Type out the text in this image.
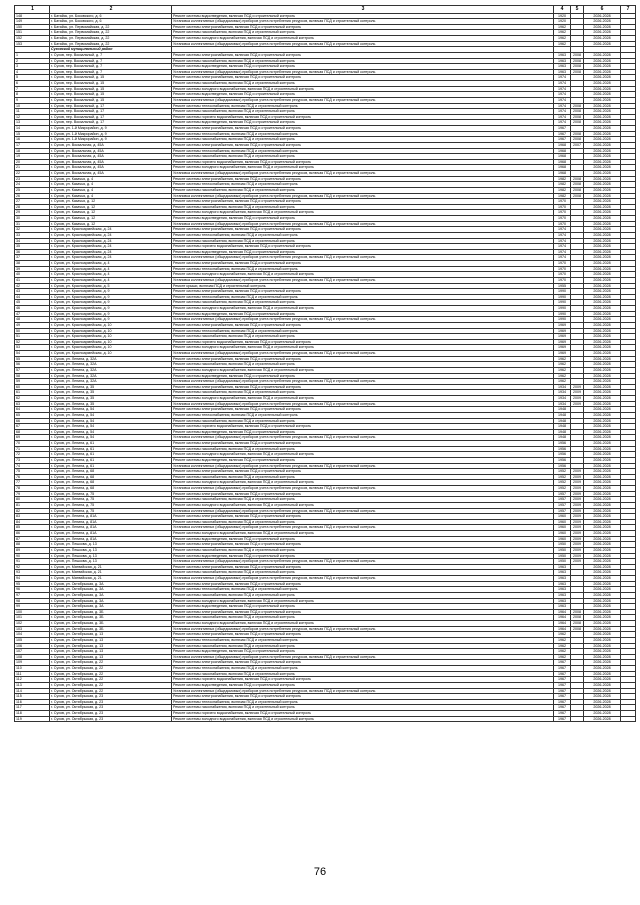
1	2	3	4	5	6	7
148	г. Батайск, ул. Боковского, д. 6	Ремонт системы водоотведения, включая ПСД и строительный контроль	1920		2026-2028	
149	г. Батайск, ул. Боковского, д. 6	Установка коллективных (общедомовых) приборов учета потребления ресурсов, включая ПСД и строительный контроль	1920		2026-2028	
150	г. Батайск, ул. Первомайская, д. 22	Ремонт системы электроснабжения, включая ПСД и строительный контроль	1962		2026-2028	
151	г. Батайск, ул. Первомайская, д. 22	Ремонт системы газоснабжения, включая ПСД и строительный контроль	1962		2026-2028	
152	г. Батайск, ул. Первомайская, д. 22	Ремонт системы холодного водоснабжения, включая ПСД и строительный контроль	1962		2026-2028	
153	г. Батайск, ул. Первомайская, д. 22	Установка коллективных (общедомовых) приборов учета потребления ресурсов, включая ПСД и строительный контроль	1962		2026-2028	
	Суховский муниципальный район					
1	г. Сухов, пер. Вокзальный, д. 7	Ремонт системы электроснабжения, включая ПСД и строительный контроль	1963	2008	2026-2028	
2	г. Сухов, пер. Вокзальный, д. 7	Ремонт системы газоснабжения, включая ПСД и строительный контроль	1963	2008	2026-2028	
3	г. Сухов, пер. Вокзальный, д. 7	Ремонт системы водоотведения, включая ПСД и строительный контроль	1963	2008	2026-2028	
4	г. Сухов, пер. Вокзальный, д. 7	Установка коллективных (общедомовых) приборов учета потребления ресурсов, включая ПСД и строительный контроль	1963	2008	2026-2028	
5	г. Сухов, пер. Вокзальный, д. 15	Ремонт системы электроснабжения, включая ПСД и строительный контроль	1974		2026-2028	
6	г. Сухов, пер. Вокзальный, д. 15	Ремонт системы газоснабжения, включая ПСД и строительный контроль	1974		2026-2028	
7	г. Сухов, пер. Вокзальный, д. 15	Ремонт системы холодного водоснабжения, включая ПСД и строительный контроль	1974		2026-2028	
8	г. Сухов, пер. Вокзальный, д. 15	Ремонт системы водоотведения, включая ПСД и строительный контроль	1974		2026-2028	
9	г. Сухов, пер. Вокзальный, д. 15	Установка коллективных (общедомовых) приборов учета потребления ресурсов, включая ПСД и строительный контроль	1974		2026-2028	
10	г. Сухов, пер. Вокзальный, д. 17	Ремонт системы теплоснабжения, включая ПСД и строительный контроль	1974	2008	2026-2028	
11	г. Сухов, пер. Вокзальный, д. 17	Ремонт системы газоснабжения, включая ПСД и строительный контроль	1974	2008	2026-2028	
12	г. Сухов, пер. Вокзальный, д. 17	Ремонт системы горячего водоснабжения, включая ПСД и строительный контроль	1974	2008	2026-2028	
13	г. Сухов, пер. Вокзальный, д. 17	Ремонт системы водоотведения, включая ПСД и строительный контроль	1974	2008	2026-2028	
14	г. Сухов, ул. 1-й Микрорайон, д. 9	Ремонт системы электроснабжения, включая ПСД и строительный контроль	1967		2026-2028	
15	г. Сухов, ул. 1-й Микрорайон, д. 9	Ремонт системы теплоснабжения, включая ПСД и строительный контроль	1967	2008	2026-2028	
16	г. Сухов, ул. 1-й Микрорайон, д. 9	Ремонт системы газоснабжения, включая ПСД и строительный контроль	1967	2008	2026-2028	
17	г. Сухов, ул. Вокзальная, д. 45А	Ремонт системы электроснабжения, включая ПСД и строительный контроль	1968	2007	2026-2028	
18	г. Сухов, ул. Вокзальная, д. 45А	Ремонт системы теплоснабжения, включая ПСД и строительный контроль	1968		2026-2028	
19	г. Сухов, ул. Вокзальная, д. 45А	Ремонт системы газоснабжения, включая ПСД и строительный контроль	1968		2026-2028	
20	г. Сухов, ул. Вокзальная, д. 45А	Ремонт системы горячего водоснабжения, включая ПСД и строительный контроль	1968		2026-2028	
21	г. Сухов, ул. Вокзальная, д. 45А	Ремонт системы холодного водоснабжения, включая ПСД и строительный контроль	1968		2026-2028	
22	г. Сухов, ул. Вокзальная, д. 45А	Установка коллективных (общедомовых) приборов учета потребления ресурсов, включая ПСД и строительный контроль	1968		2026-2028	
23	г. Сухов, ул. Казачья, д. 4	Ремонт системы электроснабжения, включая ПСД и строительный контроль	1982	2008	2026-2028	
24	г. Сухов, ул. Казачья, д. 4	Ремонт системы теплоснабжения, включая ПСД и строительный контроль	1982	2008	2026-2028	
25	г. Сухов, ул. Казачья, д. 4	Ремонт системы газоснабжения, включая ПСД и строительный контроль	1982	2008	2026-2028	
26	г. Сухов, ул. Казачья, д. 4	Установка коллективных (общедомовых) приборов учета потребления ресурсов, включая ПСД и строительный контроль	1982	2008	2026-2028	
27	г. Сухов, ул. Казачья, д. 12	Ремонт системы электроснабжения, включая ПСД и строительный контроль	1970		2026-2028	
28	г. Сухов, ул. Казачья, д. 12	Ремонт системы газоснабжения, включая ПСД и строительный контроль	1970		2026-2028	
29	г. Сухов, ул. Казачья, д. 12	Ремонт системы холодного водоснабжения, включая ПСД и строительный контроль	1970		2026-2028	
30	г. Сухов, ул. Казачья, д. 12	Ремонт системы водоотведения, включая ПСД и строительный контроль	1970		2026-2028	
31	г. Сухов, ул. Казачья, д. 12	Установка коллективных (общедомовых) приборов учета потребления ресурсов, включая ПСД и строительный контроль	1970		2026-2028	
32	г. Сухов, ул. Красноармейская, д. 24	Ремонт системы электроснабжения, включая ПСД и строительный контроль	1974		2026-2028	
33	г. Сухов, ул. Красноармейская, д. 24	Ремонт системы теплоснабжения, включая ПСД и строительный контроль	1974		2026-2028	
34	г. Сухов, ул. Красноармейская, д. 24	Ремонт системы газоснабжения, включая ПСД и строительный контроль	1974		2026-2028	
35	г. Сухов, ул. Красноармейская, д. 24	Ремонт системы горячего водоснабжения, включая ПСД и строительный контроль	1974		2026-2028	
36	г. Сухов, ул. Красноармейская, д. 24	Ремонт системы водоотведения, включая ПСД и строительный контроль	1974		2026-2028	
37	г. Сухов, ул. Красноармейская, д. 24	Установка коллективных (общедомовых) приборов учета потребления ресурсов, включая ПСД и строительный контроль	1974		2026-2028	
38	г. Сухов, ул. Красноармейская, д. 4	Ремонт системы электроснабжения, включая ПСД и строительный контроль	1970		2026-2028	
39	г. Сухов, ул. Красноармейская, д. 4	Ремонт системы теплоснабжения, включая ПСД и строительный контроль	1970		2026-2028	
40	г. Сухов, ул. Красноармейская, д. 4	Ремонт системы холодного водоснабжения, включая ПСД и строительный контроль	1970		2026-2028	
41	г. Сухов, ул. Красноармейская, д. 4	Установка коллективных (общедомовых) приборов учета потребления ресурсов, включая ПСД и строительный контроль	1970		2026-2028	
42	г. Сухов, ул. Красноармейская, д. 5	Ремонт крыши, включая ПСД и строительный контроль	1955		2026-2028	
43	г. Сухов, ул. Красноармейская, д. 9	Ремонт системы электроснабжения, включая ПСД и строительный контроль	1990		2026-2028	
44	г. Сухов, ул. Красноармейская, д. 9	Ремонт системы теплоснабжения, включая ПСД и строительный контроль	1990		2026-2028	
45	г. Сухов, ул. Красноармейская, д. 9	Ремонт системы газоснабжения, включая ПСД и строительный контроль	1990		2026-2028	
46	г. Сухов, ул. Красноармейская, д. 9	Ремонт системы холодного водоснабжения, включая ПСД и строительный контроль	1990		2026-2028	
47	г. Сухов, ул. Красноармейская, д. 9	Ремонт системы водоотведения, включая ПСД и строительный контроль	1990		2026-2028	
48	г. Сухов, ул. Красноармейская, д. 9	Установка коллективных (общедомовых) приборов учета потребления ресурсов, включая ПСД и строительный контроль	1990		2026-2028	
49	г. Сухов, ул. Красноармейская, д. 10	Ремонт системы электроснабжения, включая ПСД и строительный контроль	1969		2026-2028	
50	г. Сухов, ул. Красноармейская, д. 10	Ремонт системы теплоснабжения, включая ПСД и строительный контроль	1969		2026-2028	
51	г. Сухов, ул. Красноармейская, д. 10	Ремонт системы газоснабжения, включая ПСД и строительный контроль	1969		2026-2028	
52	г. Сухов, ул. Красноармейская, д. 10	Ремонт системы горячего водоснабжения, включая ПСД и строительный контроль	1969		2026-2028	
53	г. Сухов, ул. Красноармейская, д. 10	Ремонт системы холодного водоснабжения, включая ПСД и строительный контроль	1969		2026-2028	
54	г. Сухов, ул. Красноармейская, д. 10	Установка коллективных (общедомовых) приборов учета потребления ресурсов, включая ПСД и строительный контроль	1969		2026-2028	
55	г. Сухов, ул. Ленина, д. 32А	Ремонт системы электроснабжения, включая ПСД и строительный контроль	1962		2026-2028	
56	г. Сухов, ул. Ленина, д. 32А	Ремонт системы газоснабжения, включая ПСД и строительный контроль	1962		2026-2028	
57	г. Сухов, ул. Ленина, д. 32А	Ремонт системы холодного водоснабжения, включая ПСД и строительный контроль	1962		2026-2028	
58	г. Сухов, ул. Ленина, д. 32А	Ремонт системы водоотведения, включая ПСД и строительный контроль	1962		2026-2028	
59	г. Сухов, ул. Ленина, д. 32А	Установка коллективных (общедомовых) приборов учета потребления ресурсов, включая ПСД и строительный контроль	1962		2026-2028	
60	г. Сухов, ул. Ленина, д. 35	Ремонт системы электроснабжения, включая ПСД и строительный контроль	1934	2009	2026-2028	
61	г. Сухов, ул. Ленина, д. 35	Ремонт системы газоснабжения, включая ПСД и строительный контроль	1934	2009	2026-2028	
62	г. Сухов, ул. Ленина, д. 35	Ремонт системы холодного водоснабжения, включая ПСД и строительный контроль	1934	2009	2026-2028	
63	г. Сухов, ул. Ленина, д. 35	Установка коллективных (общедомовых) приборов учета потребления ресурсов, включая ПСД и строительный контроль	1934	2009	2026-2028	
64	г. Сухов, ул. Ленина, д. 54	Ремонт системы электроснабжения, включая ПСД и строительный контроль	1948		2026-2028	
65	г. Сухов, ул. Ленина, д. 54	Ремонт системы теплоснабжения, включая ПСД и строительный контроль	1948		2026-2028	
66	г. Сухов, ул. Ленина, д. 54	Ремонт системы газоснабжения, включая ПСД и строительный контроль	1948		2026-2028	
67	г. Сухов, ул. Ленина, д. 54	Ремонт системы горячего водоснабжения, включая ПСД и строительный контроль	1948		2026-2028	
68	г. Сухов, ул. Ленина, д. 54	Ремонт системы водоотведения, включая ПСД и строительный контроль	1948		2026-2028	
69	г. Сухов, ул. Ленина, д. 54	Установка коллективных (общедомовых) приборов учета потребления ресурсов, включая ПСД и строительный контроль	1948		2026-2028	
70	г. Сухов, ул. Ленина, д. 61	Ремонт системы электроснабжения, включая ПСД и строительный контроль	1956		2026-2028	
71	г. Сухов, ул. Ленина, д. 61	Ремонт системы газоснабжения, включая ПСД и строительный контроль	1956		2026-2028	
72	г. Сухов, ул. Ленина, д. 61	Ремонт системы холодного водоснабжения, включая ПСД и строительный контроль	1956		2026-2028	
73	г. Сухов, ул. Ленина, д. 61	Ремонт системы водоотведения, включая ПСД и строительный контроль	1956		2026-2028	
74	г. Сухов, ул. Ленина, д. 61	Установка коллективных (общедомовых) приборов учета потребления ресурсов, включая ПСД и строительный контроль	1956		2026-2028	
75	г. Сухов, ул. Ленина, д. 68	Ремонт системы электроснабжения, включая ПСД и строительный контроль	1952	2009	2026-2028	
76	г. Сухов, ул. Ленина, д. 68	Ремонт системы газоснабжения, включая ПСД и строительный контроль	1952	2009	2026-2028	
77	г. Сухов, ул. Ленина, д. 68	Ремонт системы холодного водоснабжения, включая ПСД и строительный контроль	1952	2009	2026-2028	
78	г. Сухов, ул. Ленина, д. 68	Установка коллективных (общедомовых) приборов учета потребления ресурсов, включая ПСД и строительный контроль	1952	2009	2026-2028	
79	г. Сухов, ул. Ленина, д. 75	Ремонт системы электроснабжения, включая ПСД и строительный контроль	1957	2009	2026-2028	
80	г. Сухов, ул. Ленина, д. 75	Ремонт системы газоснабжения, включая ПСД и строительный контроль	1957	2009	2026-2028	
81	г. Сухов, ул. Ленина, д. 75	Ремонт системы холодного водоснабжения, включая ПСД и строительный контроль	1957	2009	2026-2028	
82	г. Сухов, ул. Ленина, д. 75	Установка коллективных (общедомовых) приборов учета потребления ресурсов, включая ПСД и строительный контроль	1957	2009	2026-2028	
83	г. Сухов, ул. Ленина, д. 81А	Ремонт системы электроснабжения, включая ПСД и строительный контроль	1960	2009	2026-2028	
84	г. Сухов, ул. Ленина, д. 81А	Ремонт системы газоснабжения, включая ПСД и строительный контроль	1960	2009	2026-2028	
85	г. Сухов, ул. Ленина, д. 81А	Установка коллективных (общедомовых) приборов учета потребления ресурсов, включая ПСД и строительный контроль	1960	2009	2026-2028	
86	г. Сухов, ул. Ленина, д. 81А	Ремонт системы холодного водоснабжения, включая ПСД и строительный контроль	1960	2009	2026-2028	
87	г. Сухов, ул. Ленина, д. 81А	Ремонт системы водоотведения, включая ПСД и строительный контроль	1960	2009	2026-2028	
88	г. Сухов, ул. Пешкова, д. 13	Ремонт системы электроснабжения, включая ПСД и строительный контроль	1950	2009	2026-2028	
89	г. Сухов, ул. Пешкова, д. 13	Ремонт системы газоснабжения, включая ПСД и строительный контроль	1950	2009	2026-2028	
90	г. Сухов, ул. Пешкова, д. 13	Ремонт системы водоотведения, включая ПСД и строительный контроль	1950	2009	2026-2028	
91	г. Сухов, ул. Пешкова, д. 13	Установка коллективных (общедомовых) приборов учета потребления ресурсов, включая ПСД и строительный контроль	1950	2009	2026-2028	
92	г. Сухов, ул. Матвийская, д. 21	Ремонт системы электроснабжения, включая ПСД и строительный контроль	1963		2026-2028	
93	г. Сухов, ул. Матвийская, д. 21	Ремонт системы газоснабжения, включая ПСД и строительный контроль	1963		2026-2028	
94	г. Сухов, ул. Матвийская, д. 21	Установка коллективных (общедомовых) приборов учета потребления ресурсов, включая ПСД и строительный контроль	1963		2026-2028	
95	г. Сухов, ул. Октябрьская, д. 3А	Ремонт системы электроснабжения, включая ПСД и строительный контроль	1963		2026-2028	
96	г. Сухов, ул. Октябрьская, д. 3А	Ремонт системы теплоснабжения, включая ПСД и строительный контроль	1963		2026-2028	
97	г. Сухов, ул. Октябрьская, д. 3А	Ремонт системы газоснабжения, включая ПСД и строительный контроль	1963		2026-2028	
98	г. Сухов, ул. Октябрьская, д. 3А	Ремонт системы холодного водоснабжения, включая ПСД и строительный контроль	1963		2026-2028	
99	г. Сухов, ул. Октябрьская, д. 3А	Ремонт системы водоотведения, включая ПСД и строительный контроль	1963		2026-2028	
100	г. Сухов, ул. Октябрьская, д. 3Б	Ремонт системы электроснабжения, включая ПСД и строительный контроль	1964	2008	2026-2028	
101	г. Сухов, ул. Октябрьская, д. 3Б	Ремонт системы газоснабжения, включая ПСД и строительный контроль	1964	2008	2026-2028	
102	г. Сухов, ул. Октябрьская, д. 3Б	Ремонт системы холодного водоснабжения, включая ПСД и строительный контроль	1964	2008	2026-2028	
103	г. Сухов, ул. Октябрьская, д. 3Б	Установка коллективных (общедомовых) приборов учета потребления ресурсов, включая ПСД и строительный контроль	1964	2008	2026-2028	
104	г. Сухов, ул. Октябрьская, д. 13	Ремонт системы электроснабжения, включая ПСД и строительный контроль	1962		2026-2028	
105	г. Сухов, ул. Октябрьская, д. 13	Ремонт системы теплоснабжения, включая ПСД и строительный контроль	1962		2026-2028	
106	г. Сухов, ул. Октябрьская, д. 13	Ремонт системы газоснабжения, включая ПСД и строительный контроль	1962		2026-2028	
107	г. Сухов, ул. Октябрьская, д. 13	Ремонт системы водоотведения, включая ПСД и строительный контроль	1962		2026-2028	
108	г. Сухов, ул. Октябрьская, д. 13	Установка коллективных (общедомовых) приборов учета потребления ресурсов, включая ПСД и строительный контроль	1962		2026-2028	
109	г. Сухов, ул. Октябрьская, д. 22	Ремонт системы электроснабжения, включая ПСД и строительный контроль	1967		2026-2028	
110	г. Сухов, ул. Октябрьская, д. 22	Ремонт системы теплоснабжения, включая ПСД и строительный контроль	1967		2026-2028	
111	г. Сухов, ул. Октябрьская, д. 22	Ремонт системы газоснабжения, включая ПСД и строительный контроль	1967		2026-2028	
112	г. Сухов, ул. Октябрьская, д. 22	Ремонт системы горячего водоснабжения, включая ПСД и строительный контроль	1967		2026-2028	
113	г. Сухов, ул. Октябрьская, д. 22	Ремонт системы водоотведения, включая ПСД и строительный контроль	1967		2026-2028	
114	г. Сухов, ул. Октябрьская, д. 22	Установка коллективных (общедомовых) приборов учета потребления ресурсов, включая ПСД и строительный контроль	1967		2026-2028	
115	г. Сухов, ул. Октябрьская, д. 23	Ремонт системы электроснабжения, включая ПСД и строительный контроль	1967		2026-2028	
116	г. Сухов, ул. Октябрьская, д. 23	Ремонт системы теплоснабжения, включая ПСД и строительный контроль	1967		2026-2028	
117	г. Сухов, ул. Октябрьская, д. 23	Ремонт системы газоснабжения, включая ПСД и строительный контроль	1967		2026-2028	
118	г. Сухов, ул. Октябрьская, д. 23	Ремонт системы горячего водоснабжения, включая ПСД и строительный контроль	1967		2026-2028	
119	г. Сухов, ул. Октябрьская, д. 23	Ремонт системы холодного водоснабжения, включая ПСД и строительный контроль	1967		2026-2028	
76
